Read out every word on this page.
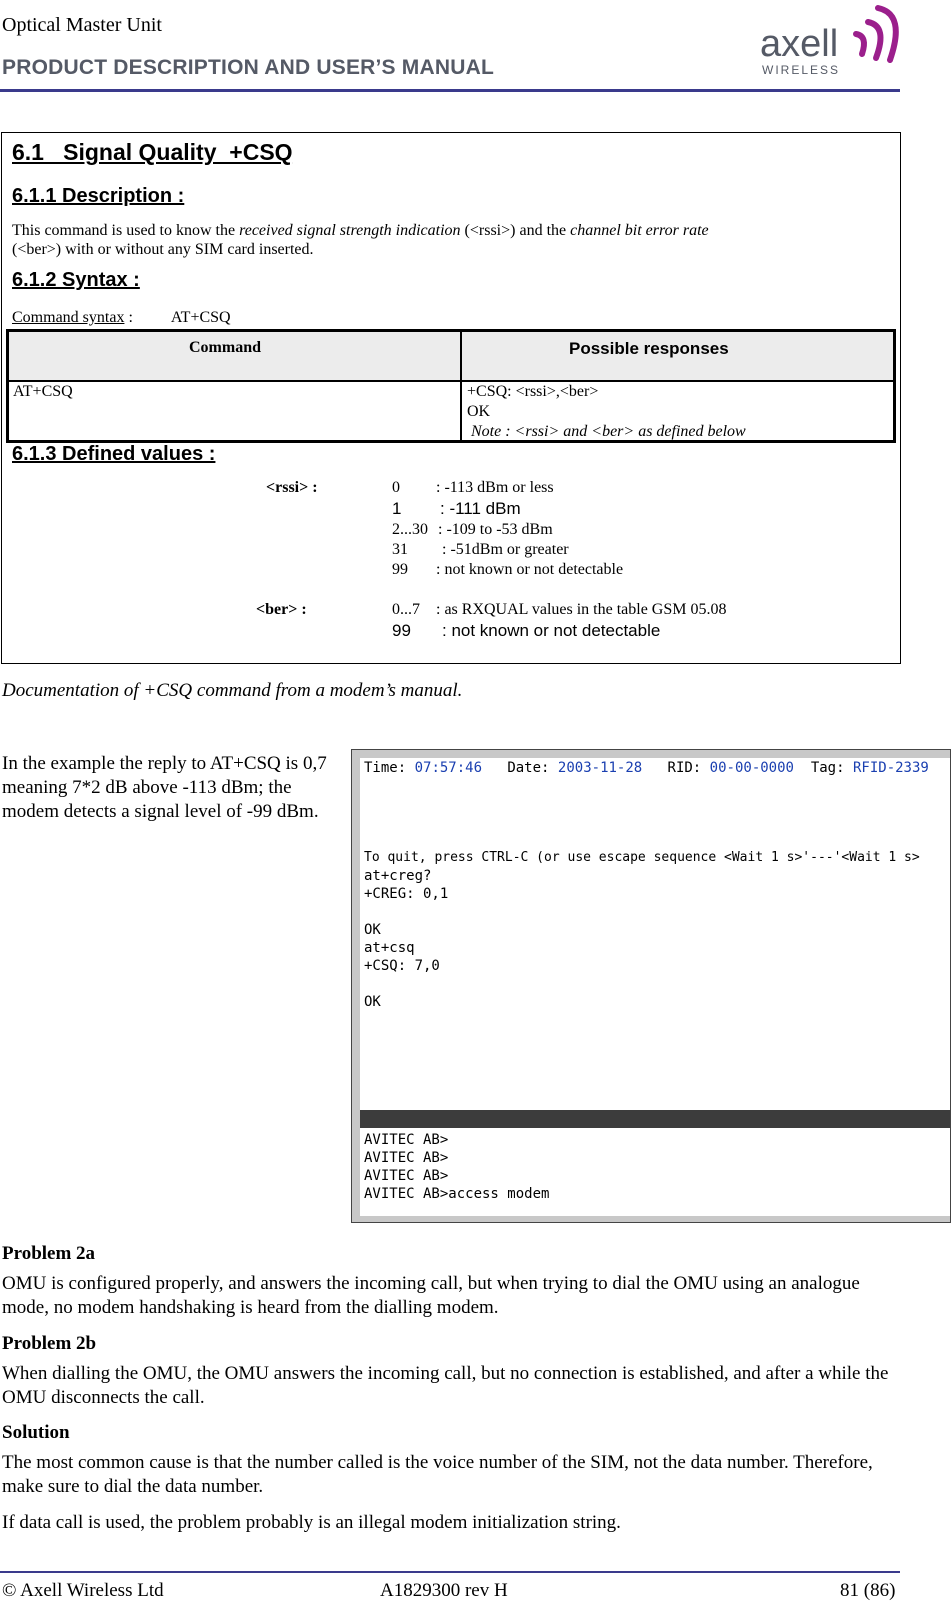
Optical Master Unit
PRODUCT DESCRIPTION AND USER’S MANUAL
axell
WIRELESS
6.1   Signal Quality  +CSQ
6.1.1 Description :
This command is used to know the received signal strength indication (<rssi>) and the channel bit error rate
(<ber>) with or without any SIM card inserted.
6.1.2 Syntax :
Command syntax : AT+CSQ
Command	Possible responses
AT+CSQ	+CSQ: <rssi>,<ber>
OK
Note : <rssi> and <ber> as defined below
6.1.3 Defined values :
<rssi> :	0 : -113 dBm or less
1 : -111 dBm
2...30 : -109 to -53 dBm
31 : -51dBm or greater
99 : not known or not detectable
<ber> :	0...7 : as RXQUAL values in the table GSM 05.08
99 : not known or not detectable
Documentation of +CSQ command from a modem’s manual.
In the example the reply to AT+CSQ is 0,7 meaning 7*2 dB above -113 dBm; the modem detects a signal level of -99 dBm.
Time: 07:57:46 Date: 2003-11-28 RID: 00-00-0000 Tag: RFID-2339
To quit, press CTRL-C (or use escape sequence <Wait 1 s>'---'<Wait 1 s>
at+creg?
+CREG: 0,1
OK
at+csq
+CSQ: 7,0
OK
AVITEC AB>
AVITEC AB>
AVITEC AB>
AVITEC AB>access modem
Problem 2a
OMU is configured properly, and answers the incoming call, but when trying to dial the OMU using an analogue mode, no modem handshaking is heard from the dialling modem.
Problem 2b
When dialling the OMU, the OMU answers the incoming call, but no connection is established, and after a while the OMU disconnects the call.
Solution
The most common cause is that the number called is the voice number of the SIM, not the data number. Therefore, make sure to dial the data number.
If data call is used, the problem probably is an illegal modem initialization string.
© Axell Wireless Ltd	A1829300 rev H	81 (86)
